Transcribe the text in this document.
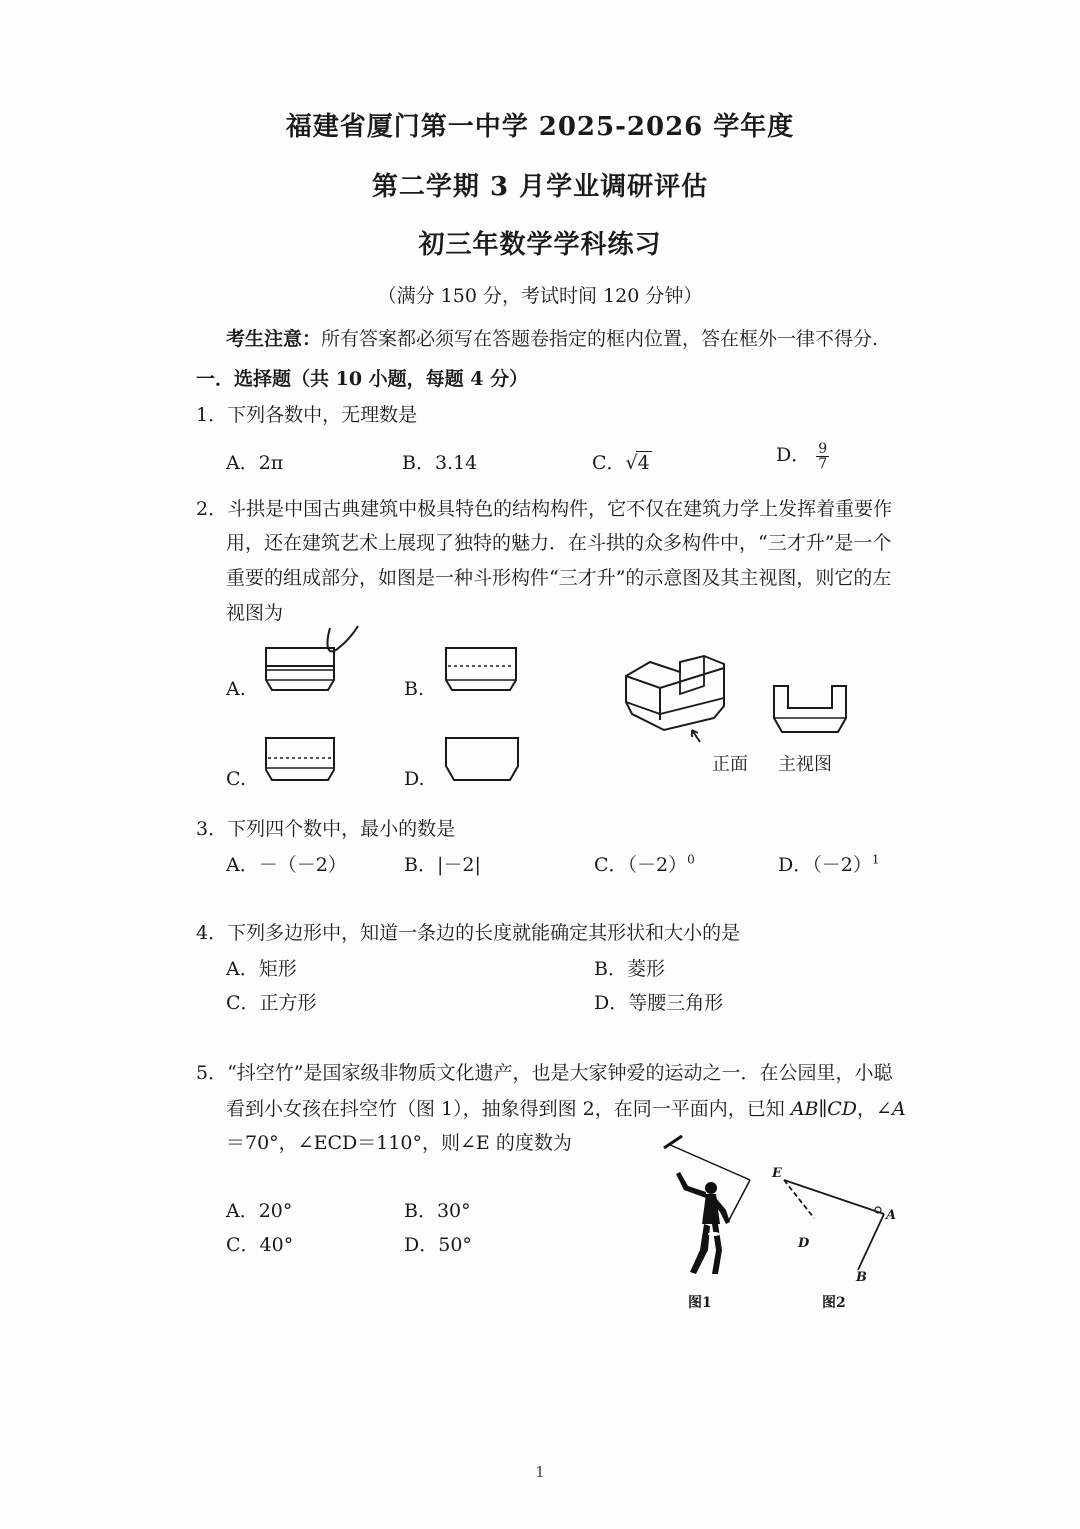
福建省厦门第一中学 2025-2026 学年度
第二学期 3 月学业调研评估
初三年数学学科练习
（满分 150 分，考试时间 120 分钟）
考生注意：所有答案都必须写在答题卷指定的框内位置，答在框外一律不得分.
一．选择题（共 10 小题，每题 4 分）
1．下列各数中，无理数是
A．2π	B．3.14	C．√4	D． $\frac{9}{7}$
2．斗拱是中国古典建筑中极具特色的结构构件，它不仅在建筑力学上发挥着重要作
用，还在建筑艺术上展现了独特的魅力．在斗拱的众多构件中，“三才升”是一个
重要的组成部分，如图是一种斗形构件“三才升”的示意图及其主视图，则它的左
视图为
A.	B.
C.	D.
正面 主视图
3．下列四个数中，最小的数是
A．－（－2）	B．|－2|	C．$(-2)^0$	D．$(-2)^1$
4．下列多边形中，知道一条边的长度就能确定其形状和大小的是
A．矩形	B．菱形
C．正方形	D．等腰三角形
5．“抖空竹”是国家级非物质文化遗产，也是大家钟爱的运动之一．在公园里，小聪
看到小女孩在抖空竹（图 1），抽象得到图 2，在同一平面内，已知 AB∥CD，∠A
＝70°，∠ECD＝110°，则∠E 的度数为
A．20°	B．30°
C．40°	D．50°
图1
E
A
D
B
图2
1
